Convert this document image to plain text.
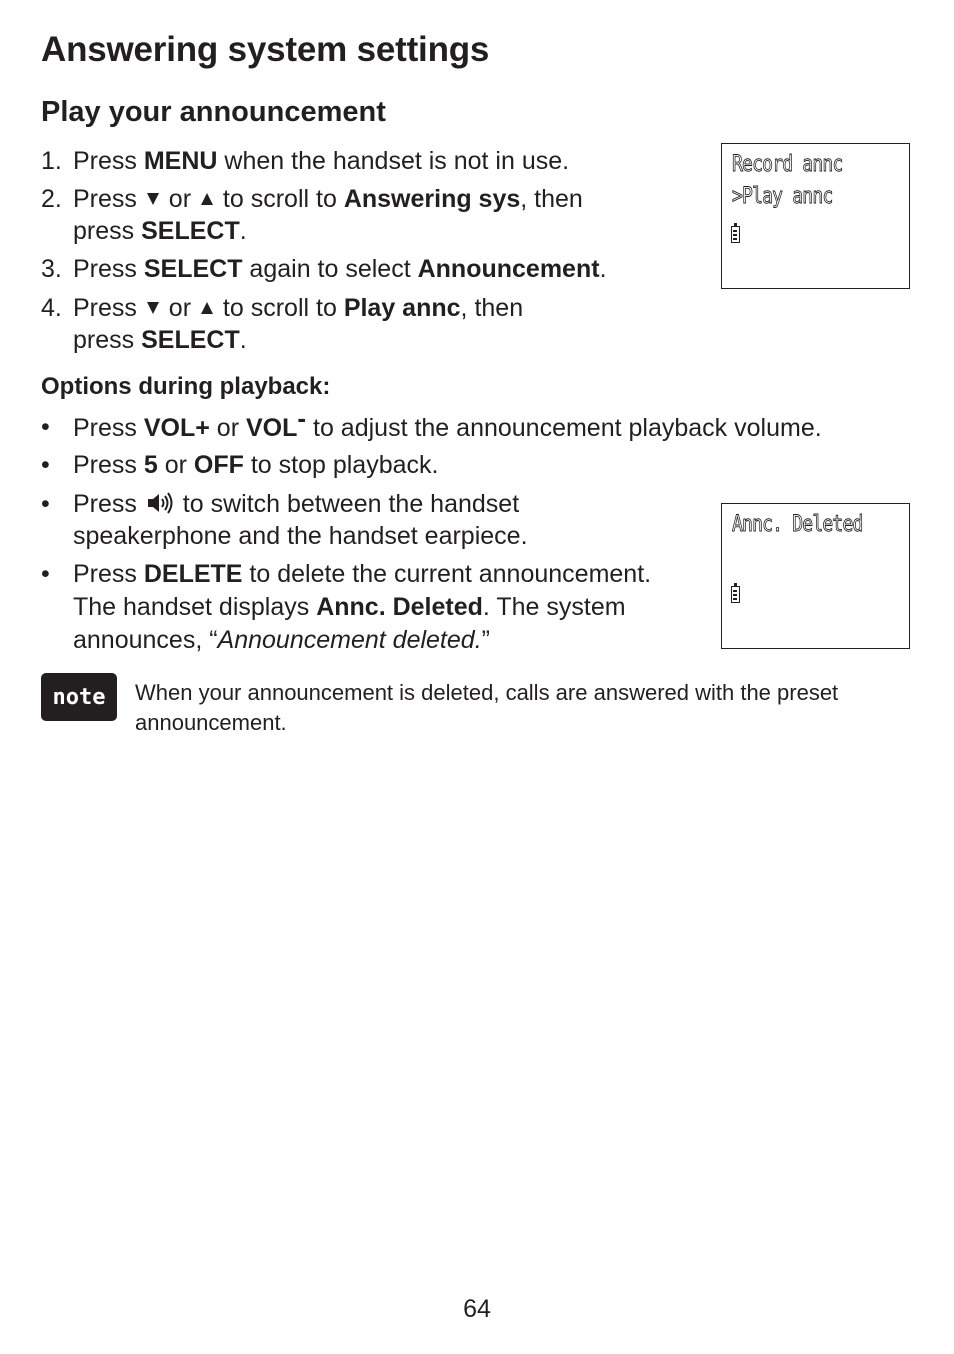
Answering system settings
Play your announcement
1. Press MENU when the handset is not in use.
2. Press  or  to scroll to Answering sys, then
press SELECT.
3. Press SELECT again to select Announcement.
4. Press  or  to scroll to Play annc, then
press SELECT.
Record annc
>Play annc
Options during playback:
• Press VOL+ or VOL- to adjust the announcement playback volume.
• Press 5 or OFF to stop playback.
• Press  to switch between the handset
speakerphone and the handset earpiece.
• Press DELETE to delete the current announcement.
The handset displays Annc. Deleted. The system
announces, “Announcement deleted.”
Annc. Deleted
note	When your announcement is deleted, calls are answered with the preset announcement.

64
